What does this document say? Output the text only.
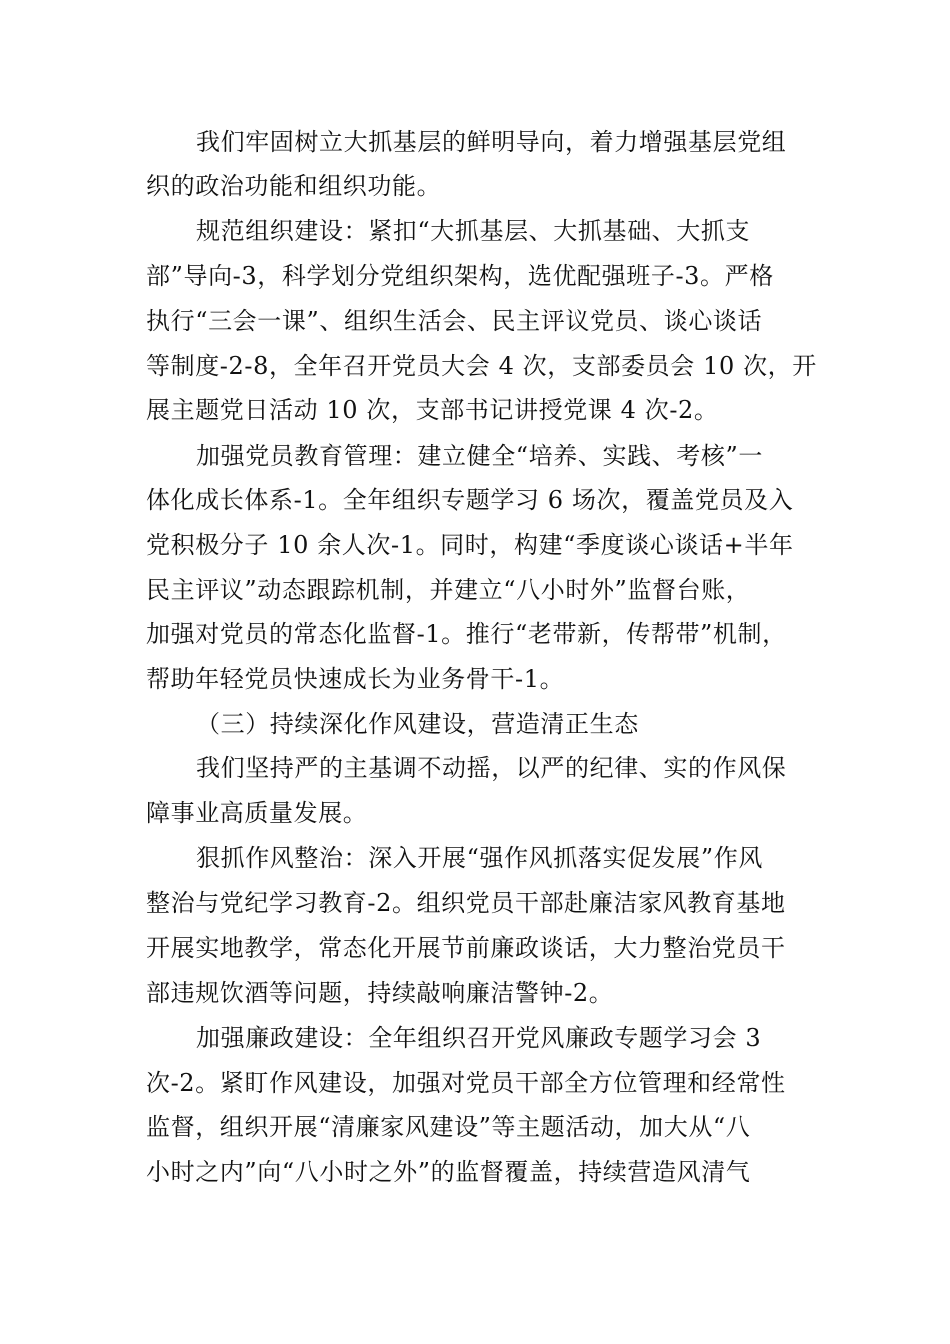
我们牢固树立大抓基层的鲜明导向，着力增强基层党组
织的政治功能和组织功能。
规范组织建设：紧扣“大抓基层、大抓基础、大抓支
部”导向-3，科学划分党组织架构，选优配强班子-3。严格
执行“三会一课”、组织生活会、民主评议党员、谈心谈话
等制度-2-8，全年召开党员大会 4 次，支部委员会 10 次，开
展主题党日活动 10 次，支部书记讲授党课 4 次-2。
加强党员教育管理：建立健全“培养、实践、考核”一
体化成长体系-1。全年组织专题学习 6 场次，覆盖党员及入
党积极分子 10 余人次-1。同时，构建“季度谈心谈话+半年
民主评议”动态跟踪机制，并建立“八小时外”监督台账，
加强对党员的常态化监督-1。推行“老带新，传帮带”机制，
帮助年轻党员快速成长为业务骨干-1。
（三）持续深化作风建设，营造清正生态
我们坚持严的主基调不动摇，以严的纪律、实的作风保
障事业高质量发展。
狠抓作风整治：深入开展“强作风抓落实促发展”作风
整治与党纪学习教育-2。组织党员干部赴廉洁家风教育基地
开展实地教学，常态化开展节前廉政谈话，大力整治党员干
部违规饮酒等问题，持续敲响廉洁警钟-2。
加强廉政建设：全年组织召开党风廉政专题学习会 3
次-2。紧盯作风建设，加强对党员干部全方位管理和经常性
监督，组织开展“清廉家风建设”等主题活动，加大从“八
小时之内”向“八小时之外”的监督覆盖，持续营造风清气
